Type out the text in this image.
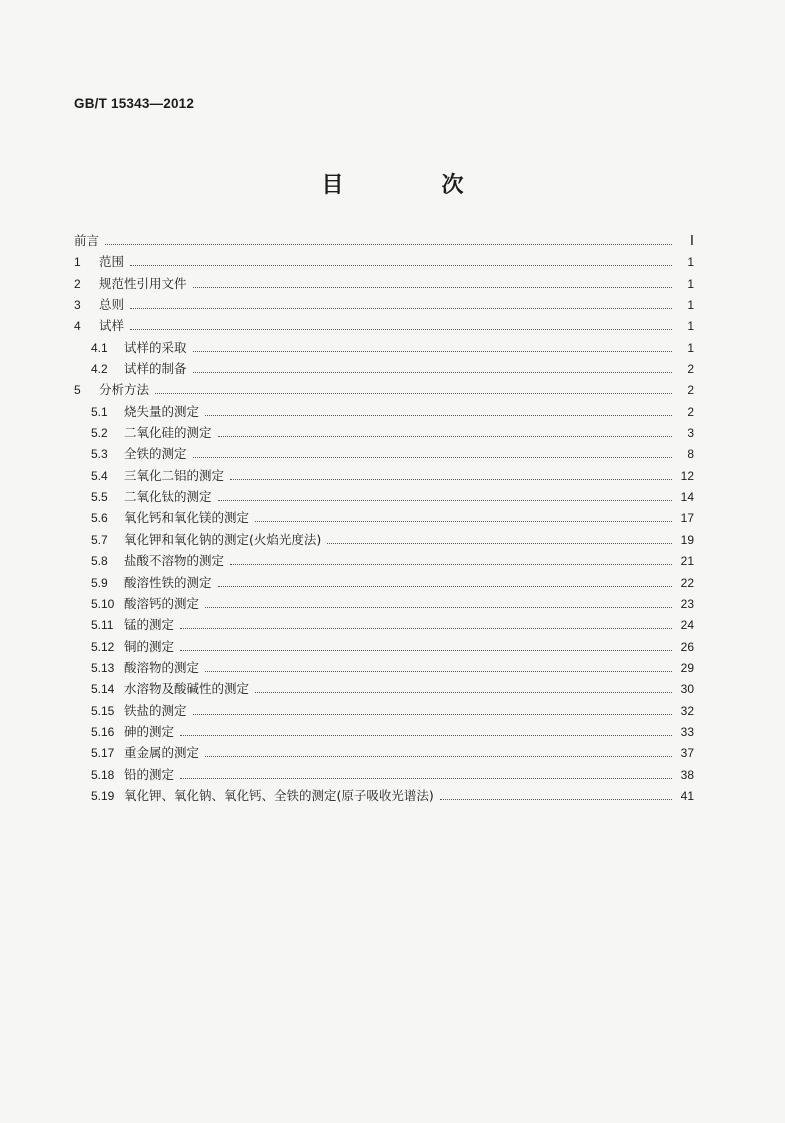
GB/T 15343—2012
目　次
前言	Ⅰ
1	范围	1
2	规范性引用文件	1
3	总则	1
4	试样	1
4.1	试样的采取	1
4.2	试样的制备	2
5	分析方法	2
5.1	烧失量的测定	2
5.2	二氧化硅的测定	3
5.3	全铁的测定	8
5.4	三氧化二铝的测定	12
5.5	二氧化钛的测定	14
5.6	氧化钙和氧化镁的测定	17
5.7	氧化钾和氧化钠的测定(火焰光度法)	19
5.8	盐酸不溶物的测定	21
5.9	酸溶性铁的测定	22
5.10 酸溶钙的测定	23
5.11 锰的测定	24
5.12 铜的测定	26
5.13 酸溶物的测定	29
5.14 水溶物及酸碱性的测定	30
5.15 铁盐的测定	32
5.16 砷的测定	33
5.17 重金属的测定	37
5.18 铅的测定	38
5.19 氧化钾、氧化钠、氧化钙、全铁的测定(原子吸收光谱法)	41
